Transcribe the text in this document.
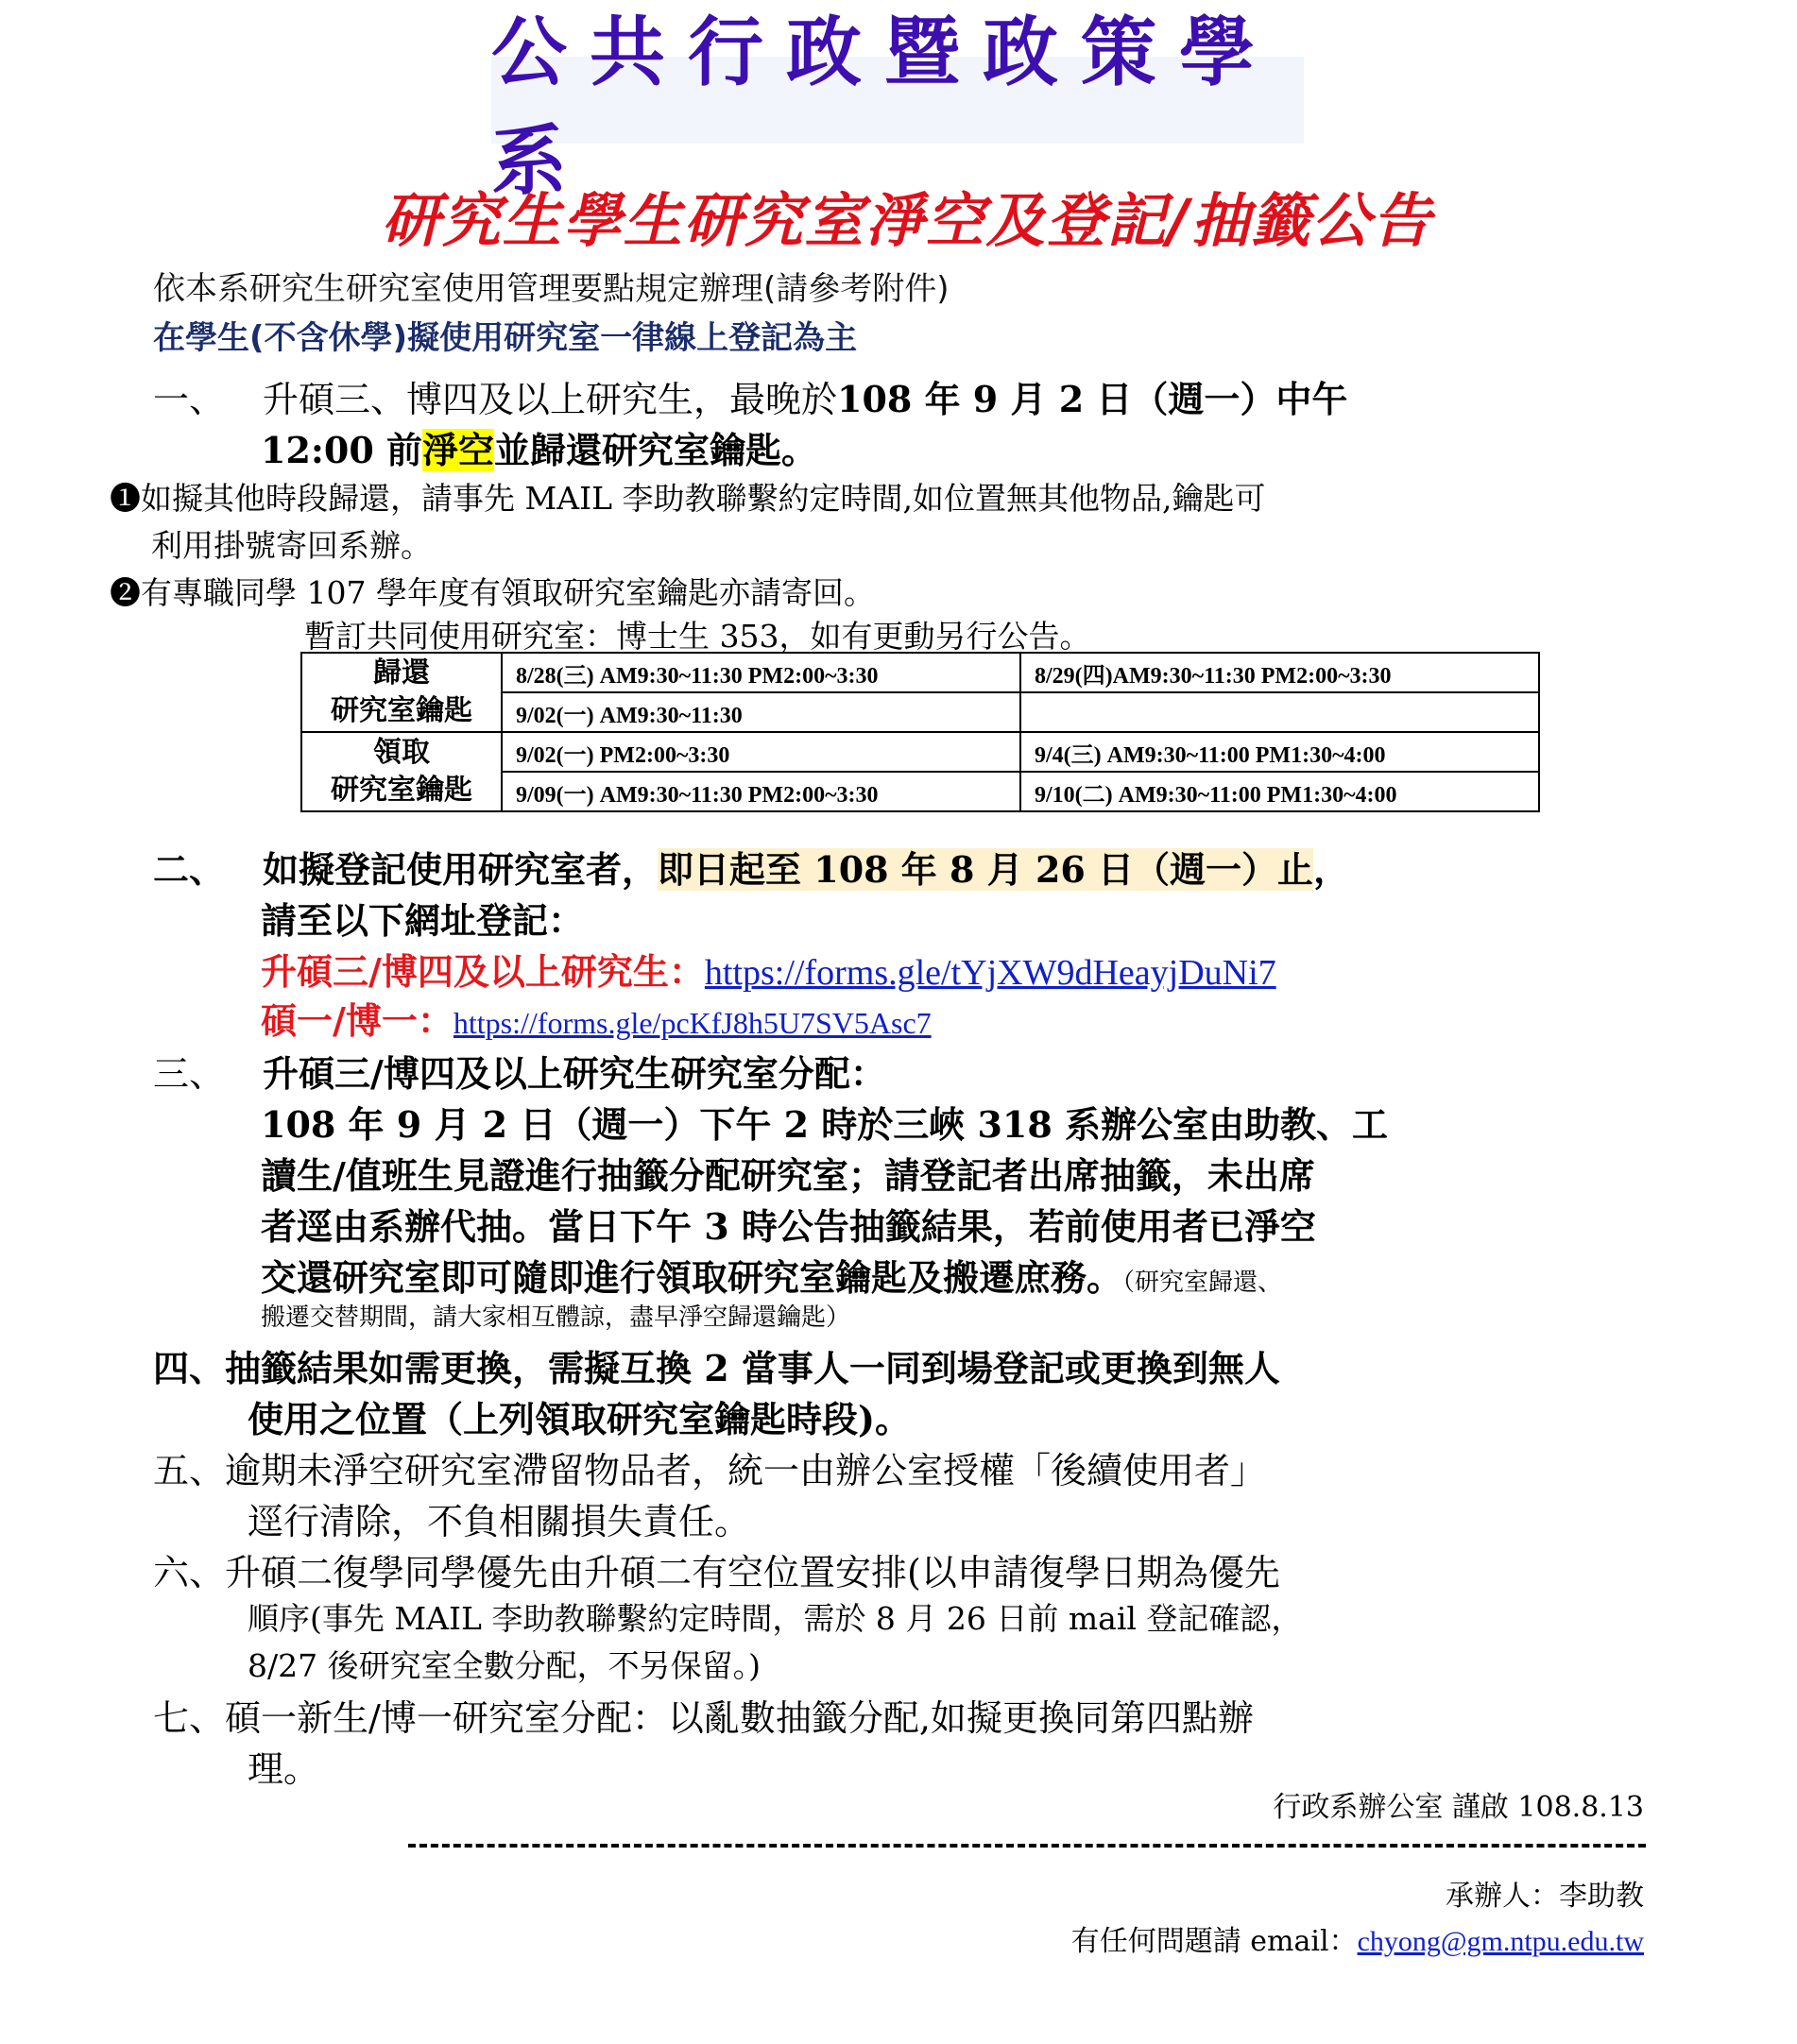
公共行政暨政策學系
研究生學生研究室淨空及登記/抽籤公告
依本系研究生研究室使用管理要點規定辦理(請參考附件)
在學生(不含休學)擬使用研究室一律線上登記為主
一、 升碩三、博四及以上研究生，最晚於108 年 9 月 2 日（週一）中午
12:00 前淨空並歸還研究室鑰匙。
❶如擬其他時段歸還，請事先 MAIL 李助教聯繫約定時間,如位置無其他物品,鑰匙可
利用掛號寄回系辦。
❷有專職同學 107 學年度有領取研究室鑰匙亦請寄回。
暫訂共同使用研究室：博士生 353，如有更動另行公告。
歸還
研究室鑰匙	8/28(三) AM9:30~11:30 PM2:00~3:30	8/29(四)AM9:30~11:30 PM2:00~3:30
	9/02(一) AM9:30~11:30	

領取
研究室鑰匙	9/02(一) PM2:00~3:30	9/4(三) AM9:30~11:00 PM1:30~4:00
	9/09(一) AM9:30~11:30 PM2:00~3:30	9/10(二) AM9:30~11:00 PM1:30~4:00
二、 如擬登記使用研究室者，即日起至 108 年 8 月 26 日（週一）止，
請至以下網址登記：
升碩三/博四及以上研究生：https://forms.gle/tYjXW9dHeayjDuNi7
碩一/博一：https://forms.gle/pcKfJ8h5U7SV5Asc7
三、 升碩三/博四及以上研究生研究室分配：
108 年 9 月 2 日（週一）下午 2 時於三峽 318 系辦公室由助教、工
讀生/值班生見證進行抽籤分配研究室；請登記者出席抽籤，未出席
者逕由系辦代抽。當日下午 3 時公告抽籤結果，若前使用者已淨空
交還研究室即可隨即進行領取研究室鑰匙及搬遷庶務。（研究室歸還、
搬遷交替期間，請大家相互體諒，盡早淨空歸還鑰匙）
四、抽籤結果如需更換，需擬互換 2 當事人一同到場登記或更換到無人
使用之位置（上列領取研究室鑰匙時段)。
五、逾期未淨空研究室滯留物品者，統一由辦公室授權「後續使用者」
逕行清除，不負相關損失責任。
六、升碩二復學同學優先由升碩二有空位置安排(以申請復學日期為優先
順序(事先 MAIL 李助教聯繫約定時間，需於 8 月 26 日前 mail 登記確認，
8/27 後研究室全數分配，不另保留。)
七、碩一新生/博一研究室分配：以亂數抽籤分配,如擬更換同第四點辦
理。
行政系辦公室 謹啟 108.8.13
承辦人：李助教
有任何問題請 email：chyong@gm.ntpu.edu.tw
